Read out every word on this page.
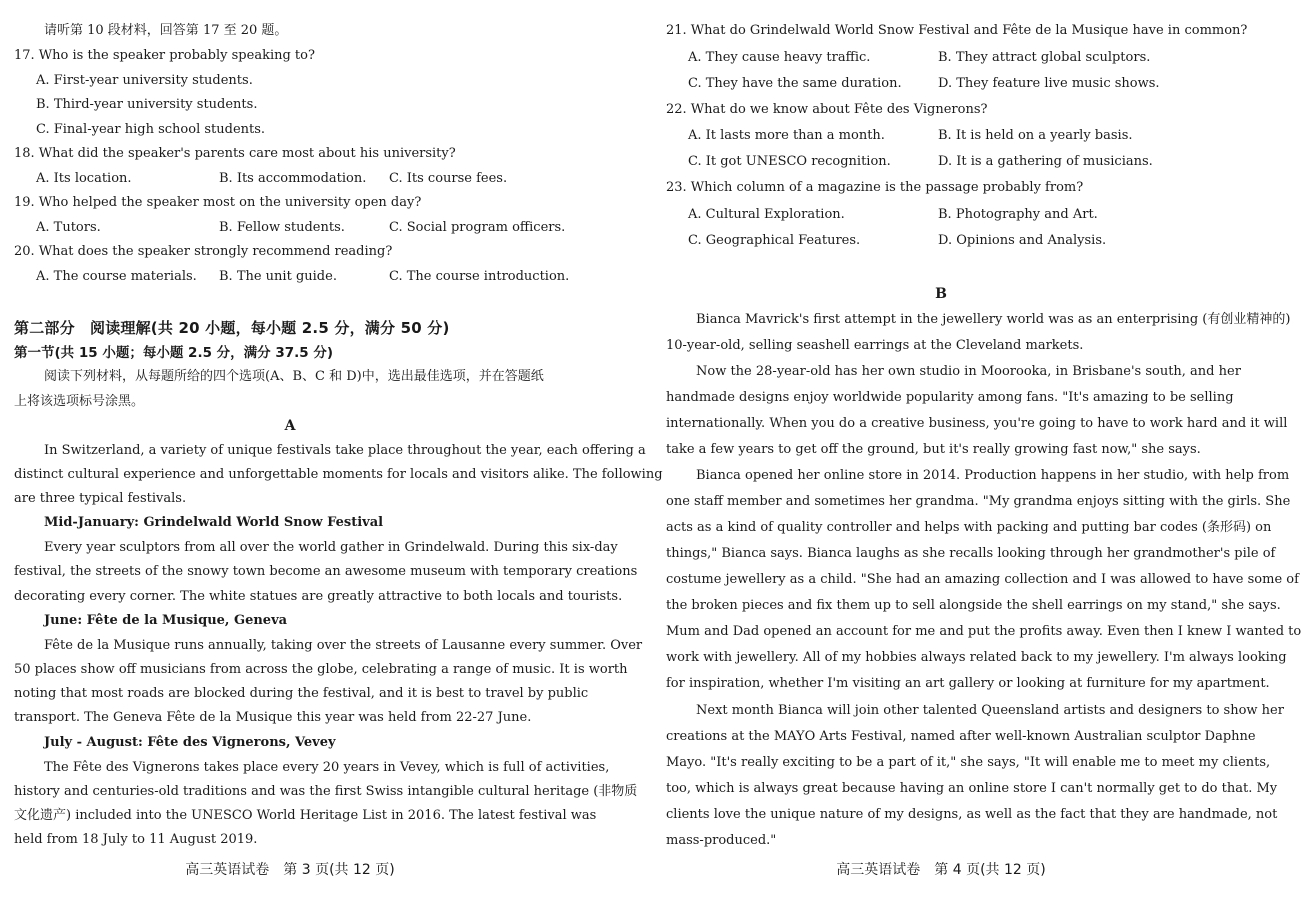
请听第 10 段材料，回答第 17 至 20 题。
17. Who is the speaker probably speaking to?
A. First-year university students.
B. Third-year university students.
C. Final-year high school students.
18. What did the speaker's parents care most about his university?
A. Its location.	B. Its accommodation. C. Its course fees.
19. Who helped the speaker most on the university open day?
A. Tutors.	B. Fellow students.	C. Social program officers.
20. What does the speaker strongly recommend reading?
A. The course materials. B. The unit guide.	C. The course introduction.
第二部分　阅读理解(共 20 小题，每小题 2.5 分，满分 50 分)
第一节(共 15 小题；每小题 2.5 分，满分 37.5 分)
阅读下列材料，从每题所给的四个选项(A、B、C 和 D)中，选出最佳选项，并在答题纸
上将该选项标号涂黑。
A
In Switzerland, a variety of unique festivals take place throughout the year, each offering a
distinct cultural experience and unforgettable moments for locals and visitors alike. The following
are three typical festivals.
Mid-January: Grindelwald World Snow Festival
Every year sculptors from all over the world gather in Grindelwald. During this six-day
festival, the streets of the snowy town become an awesome museum with temporary creations
decorating every corner. The white statues are greatly attractive to both locals and tourists.
June: Fête de la Musique, Geneva
Fête de la Musique runs annually, taking over the streets of Lausanne every summer. Over
50 places show off musicians from across the globe, celebrating a range of music. It is worth
noting that most roads are blocked during the festival, and it is best to travel by public
transport. The Geneva Fête de la Musique this year was held from 22-27 June.
July - August: Fête des Vignerons, Vevey
The Fête des Vignerons takes place every 20 years in Vevey, which is full of activities,
history and centuries-old traditions and was the first Swiss intangible cultural heritage (非物质
文化遗产) included into the UNESCO World Heritage List in 2016. The latest festival was
held from 18 July to 11 August 2019.
高三英语试卷　第 3 页(共 12 页)
21. What do Grindelwald World Snow Festival and Fête de la Musique have in common?
A. They cause heavy traffic.	B. They attract global sculptors.
C. They have the same duration.	D. They feature live music shows.
22. What do we know about Fête des Vignerons?
A. It lasts more than a month.	B. It is held on a yearly basis.
C. It got UNESCO recognition.	D. It is a gathering of musicians.
23. Which column of a magazine is the passage probably from?
A. Cultural Exploration.	B. Photography and Art.
C. Geographical Features.	D. Opinions and Analysis.
B
Bianca Mavrick's first attempt in the jewellery world was as an enterprising (有创业精神的)
10-year-old, selling seashell earrings at the Cleveland markets.
Now the 28-year-old has her own studio in Moorooka, in Brisbane's south, and her
handmade designs enjoy worldwide popularity among fans. "It's amazing to be selling
internationally. When you do a creative business, you're going to have to work hard and it will
take a few years to get off the ground, but it's really growing fast now," she says.
Bianca opened her online store in 2014. Production happens in her studio, with help from
one staff member and sometimes her grandma. "My grandma enjoys sitting with the girls. She
acts as a kind of quality controller and helps with packing and putting bar codes (条形码) on
things," Bianca says. Bianca laughs as she recalls looking through her grandmother's pile of
costume jewellery as a child. "She had an amazing collection and I was allowed to have some of
the broken pieces and fix them up to sell alongside the shell earrings on my stand," she says.
Mum and Dad opened an account for me and put the profits away. Even then I knew I wanted to
work with jewellery. All of my hobbies always related back to my jewellery. I'm always looking
for inspiration, whether I'm visiting an art gallery or looking at furniture for my apartment.
Next month Bianca will join other talented Queensland artists and designers to show her
creations at the MAYO Arts Festival, named after well-known Australian sculptor Daphne
Mayo. "It's really exciting to be a part of it," she says, "It will enable me to meet my clients,
too, which is always great because having an online store I can't normally get to do that. My
clients love the unique nature of my designs, as well as the fact that they are handmade, not
mass-produced."
高三英语试卷　第 4 页(共 12 页)
